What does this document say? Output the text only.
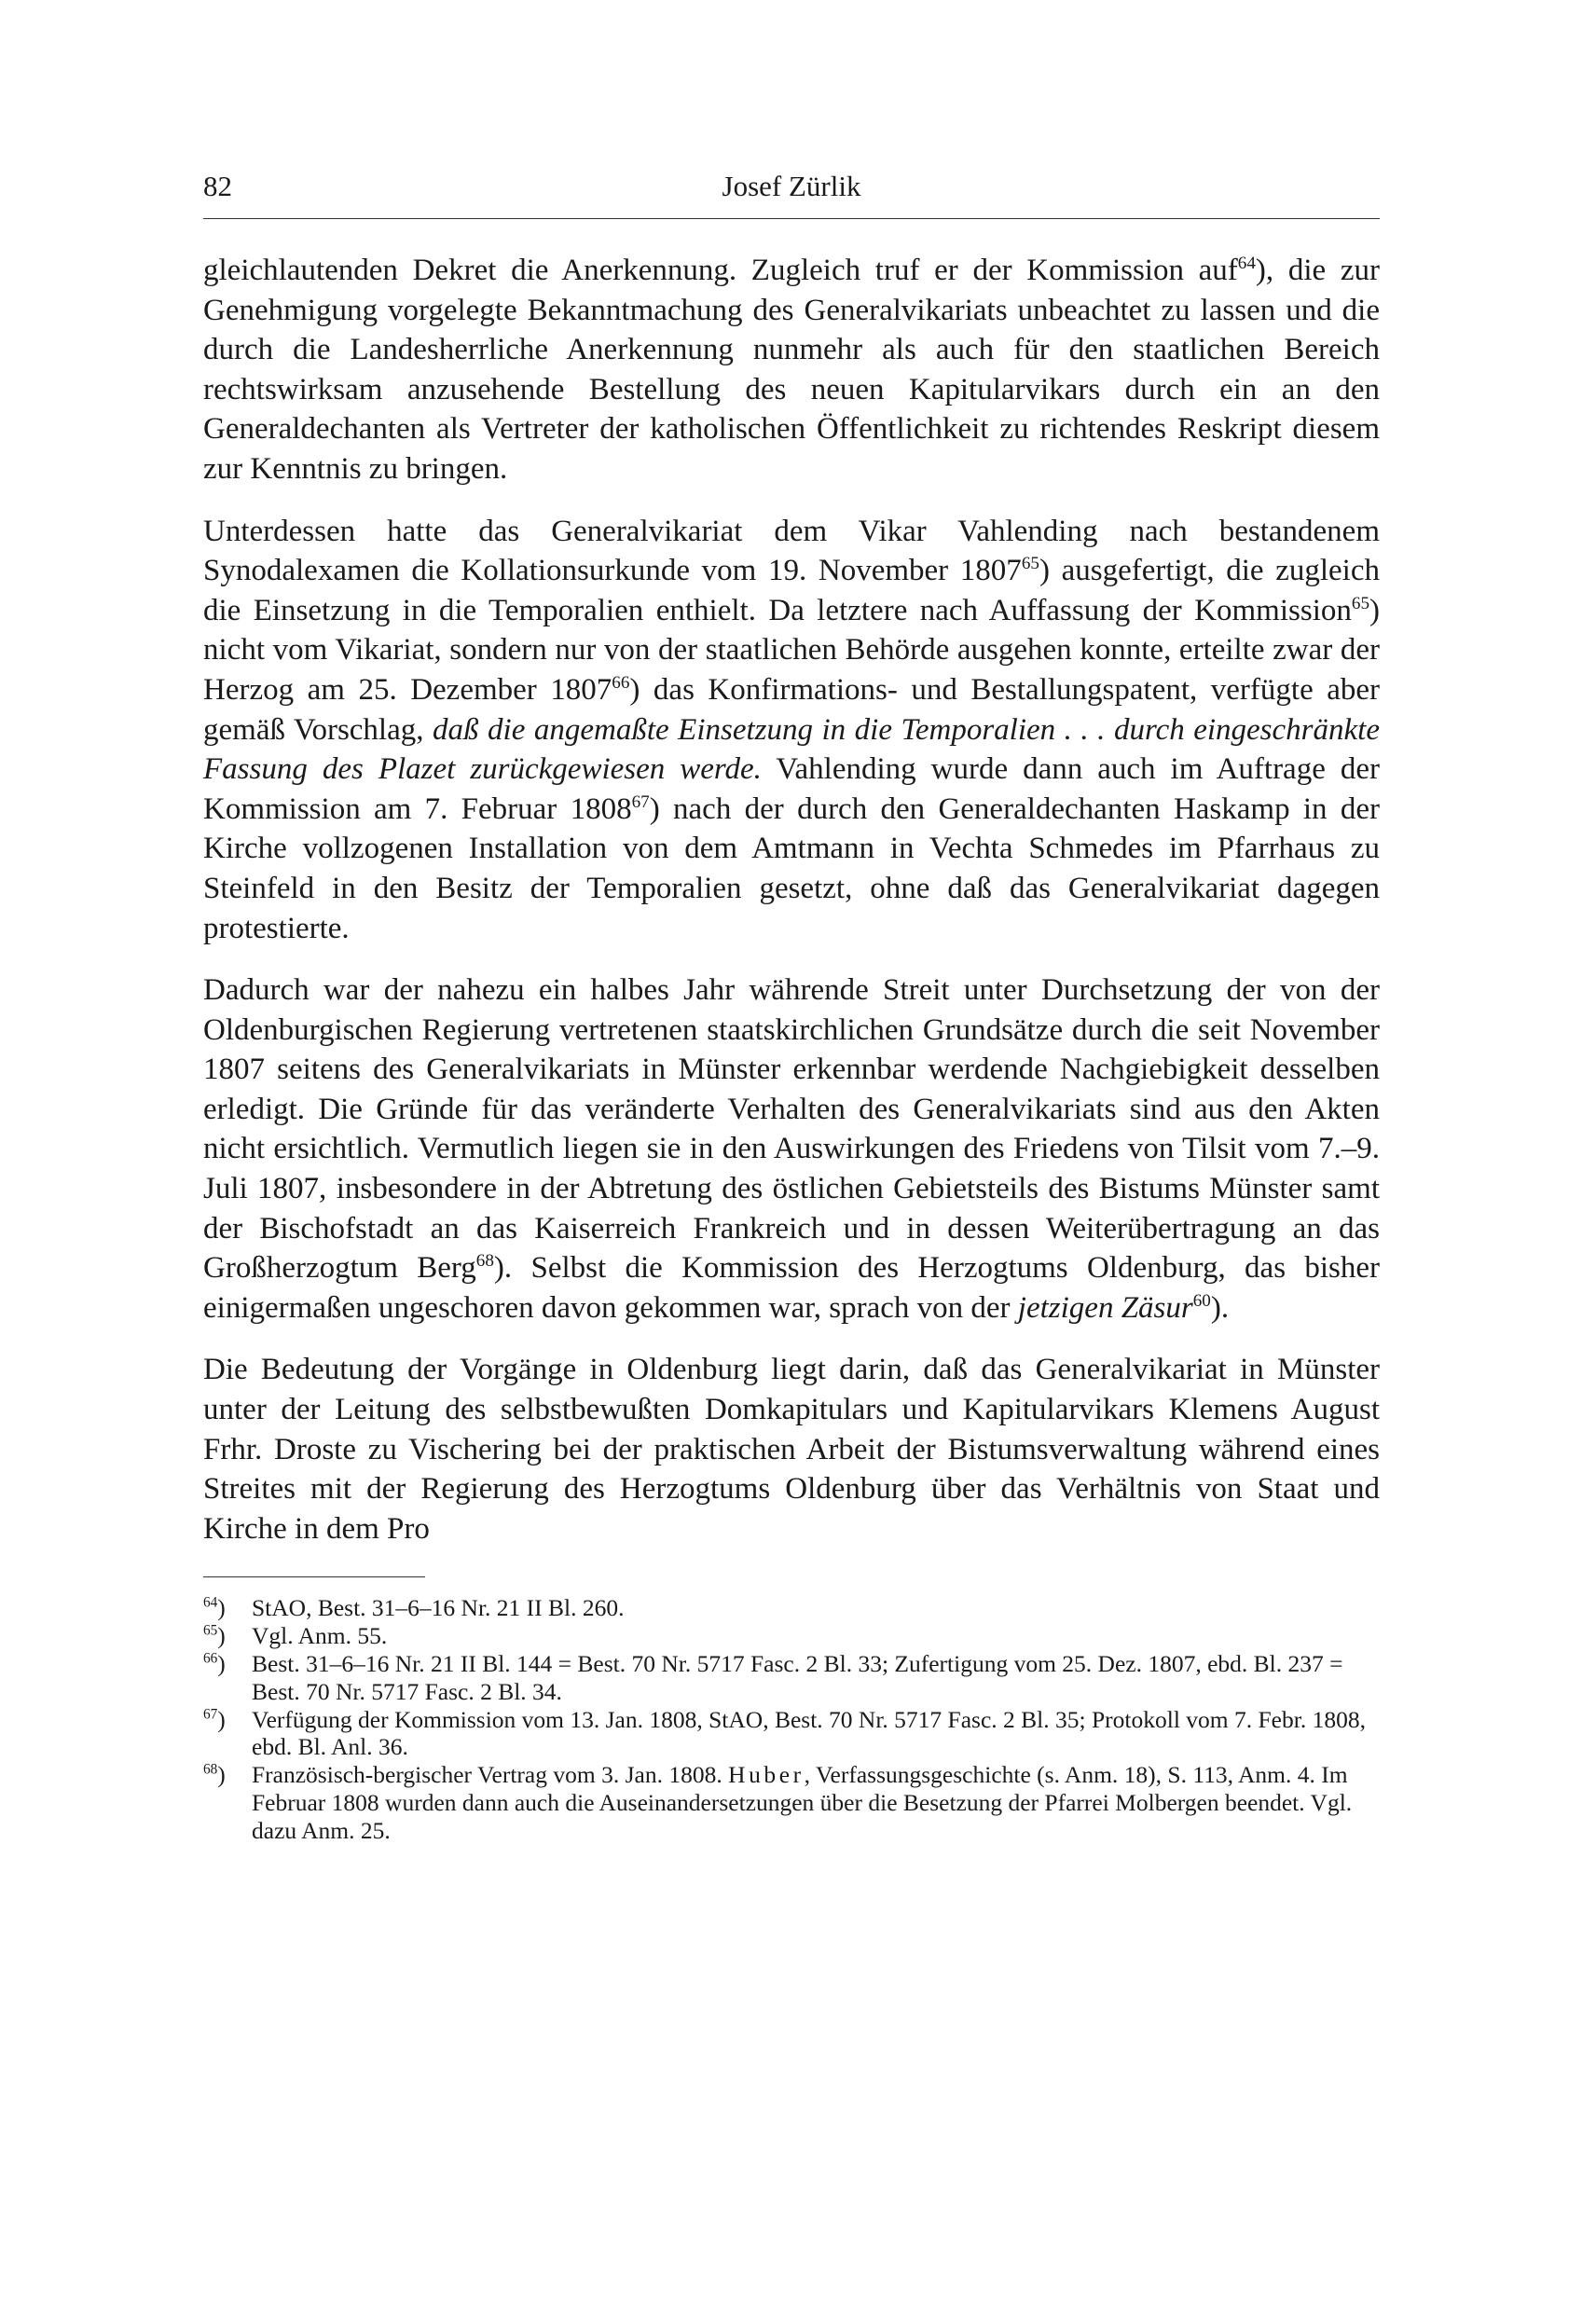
82	Josef Zürlik

gleichlautenden Dekret die Anerkennung. Zugleich truf er der Kommission auf$^{64}$), die zur Genehmigung vorgelegte Bekanntmachung des Generalvikariats unbeachtet zu lassen und die durch die Landesherrliche Anerkennung nunmehr als auch für den staatlichen Bereich rechtswirksam anzusehende Bestellung des neuen Kapitularvikars durch ein an den Generaldechanten als Vertreter der katholischen Öffentlichkeit zu richtendes Reskript diesem zur Kenntnis zu bringen.

Unterdessen hatte das Generalvikariat dem Vikar Vahlending nach bestandenem Synodalexamen die Kollationsurkunde vom 19. November 1807$^{65}$) ausgefertigt, die zugleich die Einsetzung in die Temporalien enthielt. Da letztere nach Auffassung der Kommission$^{65}$) nicht vom Vikariat, sondern nur von der staatlichen Behörde ausgehen konnte, erteilte zwar der Herzog am 25. Dezember 1807$^{66}$) das Konfirmations- und Bestallungspatent, verfügte aber gemäß Vorschlag, daß die angemaßte Einsetzung in die Temporalien . . . durch eingeschränkte Fassung des Plazet zurückgewiesen werde. Vahlending wurde dann auch im Auftrage der Kommission am 7. Februar 1808$^{67}$) nach der durch den Generaldechanten Haskamp in der Kirche vollzogenen Installation von dem Amtmann in Vechta Schmedes im Pfarrhaus zu Steinfeld in den Besitz der Temporalien gesetzt, ohne daß das Generalvikariat dagegen protestierte.

Dadurch war der nahezu ein halbes Jahr währende Streit unter Durchsetzung der von der Oldenburgischen Regierung vertretenen staatskirchlichen Grundsätze durch die seit November 1807 seitens des Generalvikariats in Münster erkennbar werdende Nachgiebigkeit desselben erledigt. Die Gründe für das veränderte Verhalten des Generalvikariats sind aus den Akten nicht ersichtlich. Vermutlich liegen sie in den Auswirkungen des Friedens von Tilsit vom 7.–9. Juli 1807, insbesondere in der Abtretung des östlichen Gebietsteils des Bistums Münster samt der Bischofstadt an das Kaiserreich Frankreich und in dessen Weiterübertragung an das Großherzogtum Berg$^{68}$). Selbst die Kommission des Herzogtums Oldenburg, das bisher einigermaßen ungeschoren davon gekommen war, sprach von der jetzigen Zäsur$^{60}$).

Die Bedeutung der Vorgänge in Oldenburg liegt darin, daß das Generalvikariat in Münster unter der Leitung des selbstbewußten Domkapitulars und Kapitularvikars Klemens August Frhr. Droste zu Vischering bei der praktischen Arbeit der Bistumsverwaltung während eines Streites mit der Regierung des Herzogtums Oldenburg über das Verhältnis von Staat und Kirche in dem Pro

$^{64}$)	StAO, Best. 31–6–16 Nr. 21 II Bl. 260.
$^{65}$)	Vgl. Anm. 55.
$^{66}$)	Best. 31–6–16 Nr. 21 II Bl. 144 = Best. 70 Nr. 5717 Fasc. 2 Bl. 33; Zufertigung vom 25. Dez. 1807, ebd. Bl. 237 = Best. 70 Nr. 5717 Fasc. 2 Bl. 34.
$^{67}$)	Verfügung der Kommission vom 13. Jan. 1808, StAO, Best. 70 Nr. 5717 Fasc. 2 Bl. 35; Protokoll vom 7. Febr. 1808, ebd. Bl. Anl. 36.
$^{68}$)	Französisch-bergischer Vertrag vom 3. Jan. 1808. Huber, Verfassungsgeschichte (s. Anm. 18), S. 113, Anm. 4. Im Februar 1808 wurden dann auch die Auseinandersetzungen über die Besetzung der Pfarrei Molbergen beendet. Vgl. dazu Anm. 25.
